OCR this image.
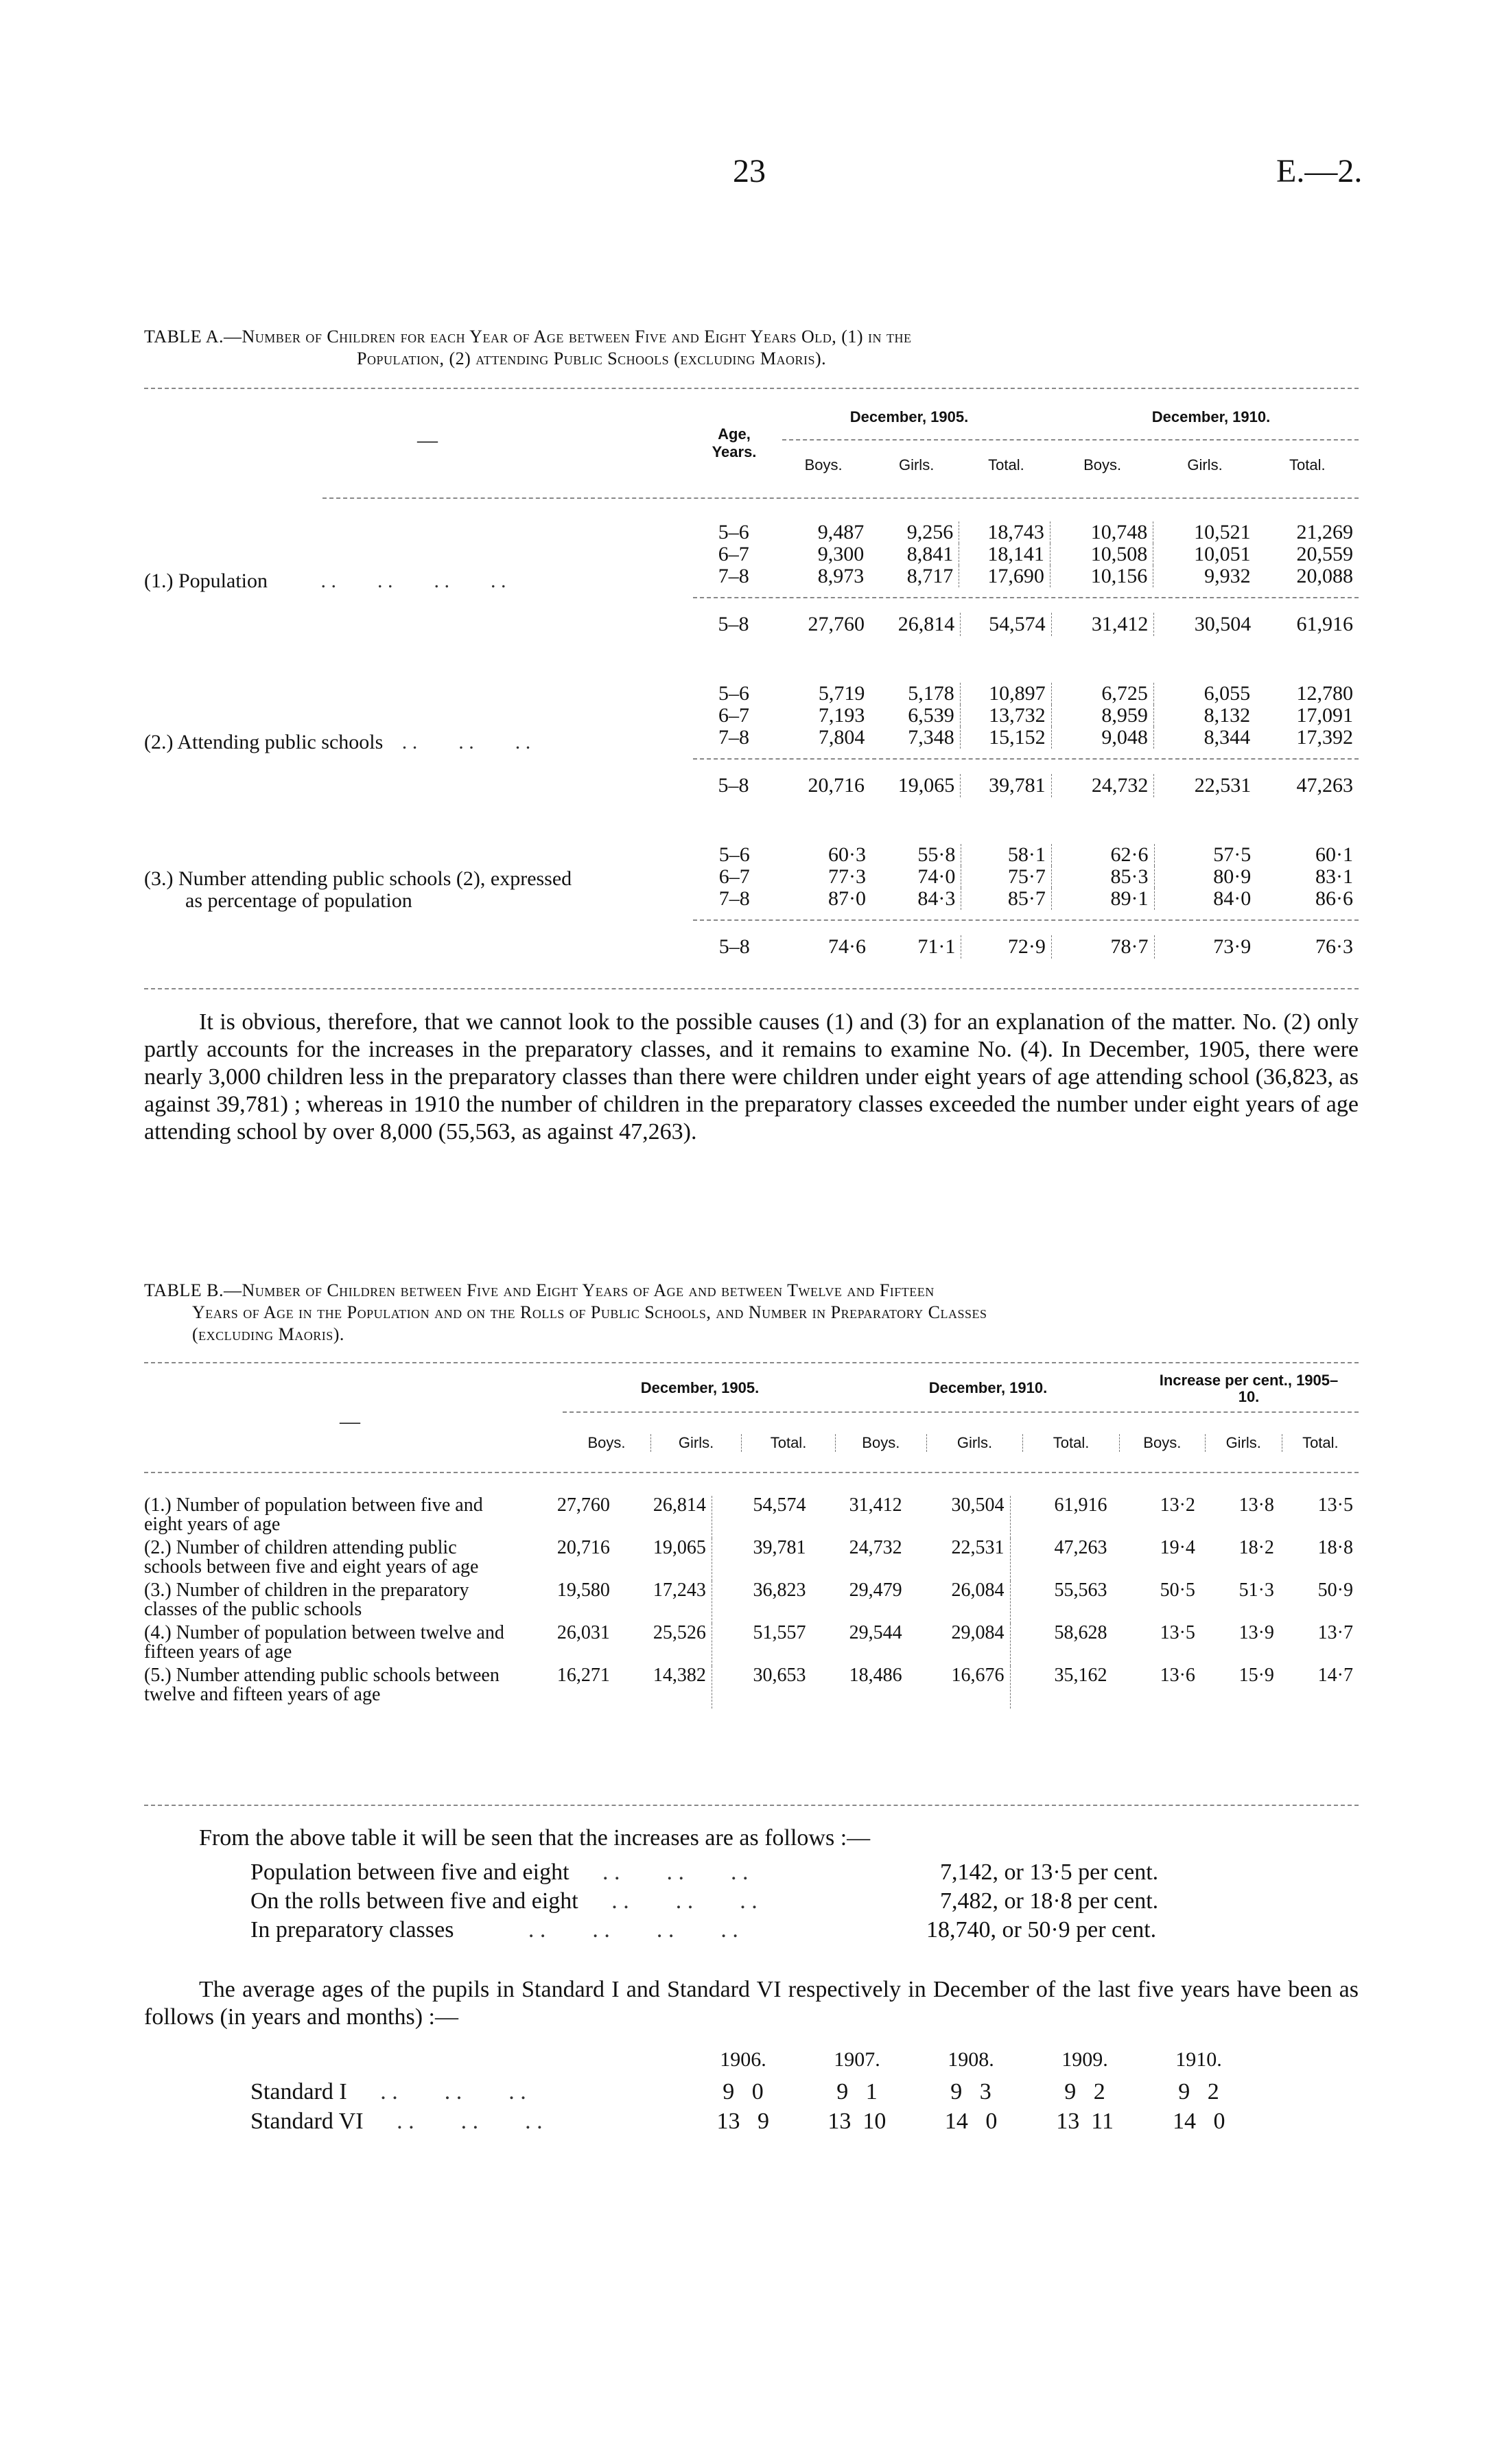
23	E.—2.
TABLE A.—Number of Children for each Year of Age between Five and Eight Years Old, (1) in the
Population, (2) attending Public Schools (excluding Maoris).
December, 1905.	December, 1910.
—	Age, Years.
Boys.	Girls.	Total.	Boys.	Girls.	Total.
(1.) Population	. .        . .        . .        . .
5–6	9,487	9,256	18,743	10,748	10,521	21,269
6–7	9,300	8,841	18,141	10,508	10,051	20,559
7–8	8,973	8,717	17,690	10,156	9,932	20,088
5–8	27,760	26,814	54,574	31,412	30,504	61,916
(2.) Attending public schools . .        . .        . .
5–6	5,719	5,178	10,897	6,725	6,055	12,780
6–7	7,193	6,539	13,732	8,959	8,132	17,091
7–8	7,804	7,348	15,152	9,048	8,344	17,392
5–8	20,716	19,065	39,781	24,732	22,531	47,263
(3.) Number attending public schools (2), expressed
as percentage of population
5–6	60·3	55·8	58·1	62·6	57·5	60·1
6–7	77·3	74·0	75·7	85·3	80·9	83·1
7–8	87·0	84·3	85·7	89·1	84·0	86·6
5–8	74·6	71·1	72·9	78·7	73·9	76·3
It is obvious, therefore, that we cannot look to the possible causes (1) and (3) for an explanation of the matter. No. (2) only partly accounts for the increases in the preparatory classes, and it remains to examine No. (4). In December, 1905, there were nearly 3,000 children less in the preparatory classes than there were children under eight years of age attending school (36,823, as against 39,781) ; whereas in 1910 the number of children in the preparatory classes exceeded the number under eight years of age attending school by over 8,000 (55,563, as against 47,263).
TABLE B.—Number of Children between Five and Eight Years of Age and between Twelve and Fifteen
Years of Age in the Population and on the Rolls of Public Schools, and Number in Preparatory Classes
(excluding Maoris).
December, 1905.	December, 1910.	Increase per cent., 1905–10.
—
Boys.	Girls.	Total.	Boys.	Girls.	Total.	Boys.	Girls.	Total.
(1.) Number of population between five and eight years of age	27,760	26,814	54,574	31,412	30,504	61,916	13·2	13·8	13·5
(2.) Number of children attending public schools between five and eight years of age	20,716	19,065	39,781	24,732	22,531	47,263	19·4	18·2	18·8
(3.) Number of children in the preparatory classes of the public schools	19,580	17,243	36,823	29,479	26,084	55,563	50·5	51·3	50·9
(4.) Number of population between twelve and fifteen years of age	26,031	25,526	51,557	29,544	29,084	58,628	13·5	13·9	13·7
(5.) Number attending public schools between twelve and fifteen years of age	16,271	14,382	30,653	18,486	16,676	35,162	13·6	15·9	14·7
From the above table it will be seen that the increases are as follows :—
Population between five and eight . .        . .        . .	7,142, or 13·5 per cent.
On the rolls between five and eight . .        . .        . .	7,482, or 18·8 per cent.
In preparatory classes	. .        . .        . .        . .	18,740, or 50·9 per cent.
The average ages of the pupils in Standard I and Standard VI respectively in December of the last five years have been as follows (in years and months) :—
1906.	1907.	1908.	1909.	1910.
Standard I . .        . .        . .	9   0	9   1	9   3	9   2	9   2
Standard VI . .        . .        . .	13   9	13  10	14   0	13  11	14   0
